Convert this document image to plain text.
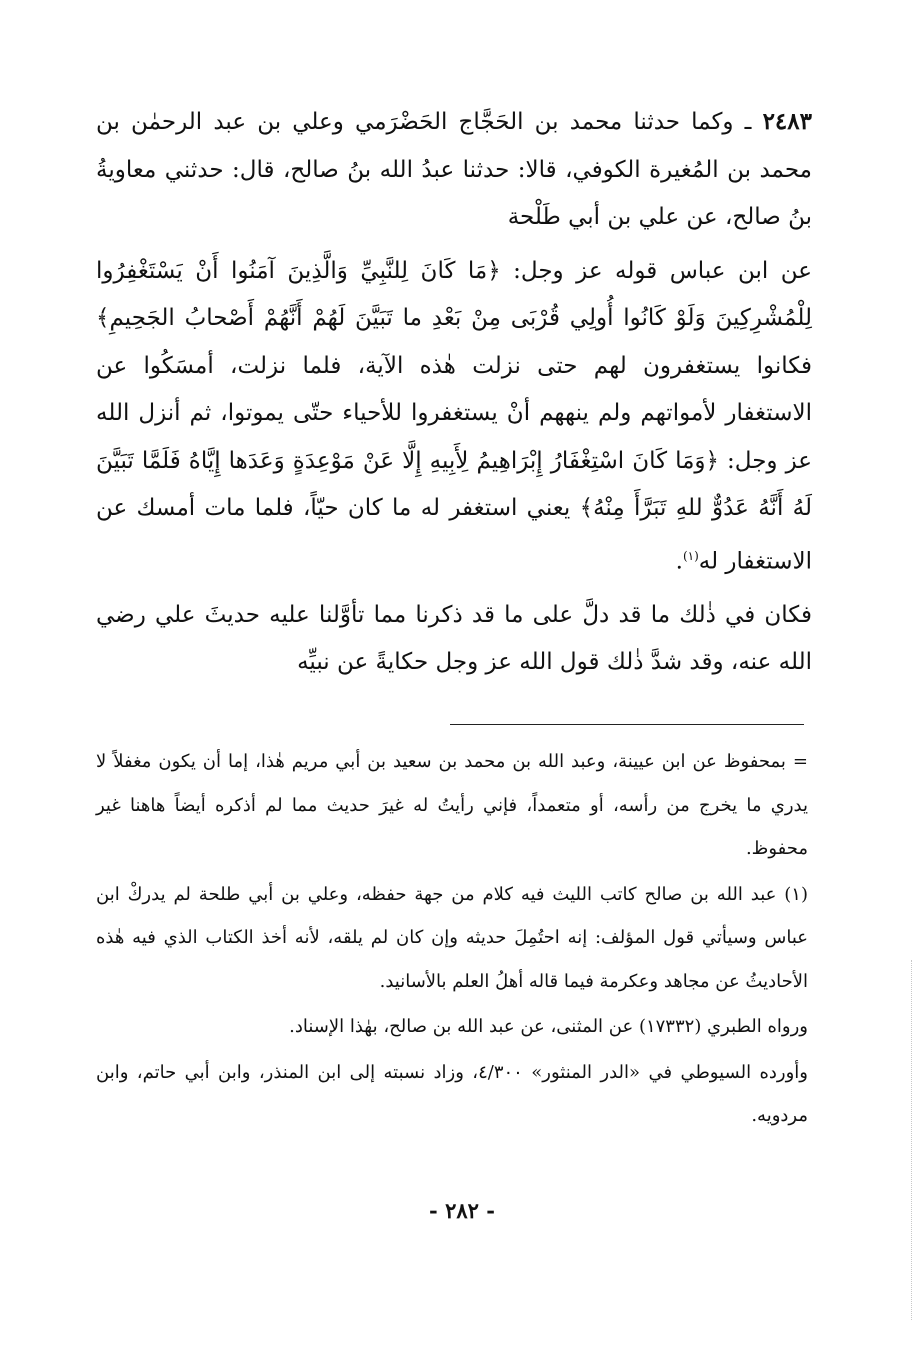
٢٤٨٣ ـ وكما حدثنا محمد بن الحَجَّاج الحَضْرَمي وعلي بن عبد الرحمٰن بن محمد بن المُغيرة الكوفي، قالا: حدثنا عبدُ الله بنُ صالح، قال: حدثني معاويةُ بنُ صالح، عن علي بن أبي طَلْحة

عن ابن عباس قوله عز وجل: ﴿مَا كَانَ لِلنَّبِيِّ وَالَّذِينَ آمَنُوا أَنْ يَسْتَغْفِرُوا لِلْمُشْرِكِينَ وَلَوْ كَانُوا أُولِي قُرْبَى مِنْ بَعْدِ ما تَبَيَّنَ لَهُمْ أَنَّهُمْ أَصْحابُ الجَحِيمِ﴾ فكانوا يستغفرون لهم حتى نزلت هٰذه الآية، فلما نزلت، أمسَكُوا عن الاستغفار لأمواتهم ولم ينههم أنْ يستغفروا للأحياء حتّى يموتوا، ثم أنزل الله عز وجل: ﴿وَمَا كَانَ اسْتِغْفَارُ إِبْرَاهِيمُ لِأَبِيهِ إِلَّا عَنْ مَوْعِدَةٍ وَعَدَها إِيَّاهُ فَلَمَّا تَبَيَّنَ لَهُ أَنَّهُ عَدُوٌّ للهِ تَبَرَّأَ مِنْهُ﴾ يعني استغفر له ما كان حيّاً، فلما مات أمسك عن الاستغفار له$^{(١)}$.

فكان في ذٰلك ما قد دلَّ على ما قد ذكرنا مما تأوَّلنا عليه حديثَ علي رضي الله عنه، وقد شدَّ ذٰلك قول الله عز وجل حكايةً عن نبيِّه

= بمحفوظ عن ابن عيينة، وعبد الله بن محمد بن سعيد بن أبي مريم هٰذا، إما أن يكون مغفلاً لا يدري ما يخرج من رأسه، أو متعمداً، فإني رأيتُ له غيرَ حديث مما لم أذكره أيضاً هاهنا غير محفوظ.

(١) عبد الله بن صالح كاتب الليث فيه كلام من جهة حفظه، وعلي بن أبي طلحة لم يدركْ ابن عباس وسيأتي قول المؤلف: إنه احتُمِلَ حديثه وإن كان لم يلقه، لأنه أخذ الكتاب الذي فيه هٰذه الأحاديثُ عن مجاهد وعكرمة فيما قاله أهلُ العلم بالأسانيد.

ورواه الطبري (١٧٣٣٢) عن المثنى، عن عبد الله بن صالح، بهٰذا الإسناد.

وأورده السيوطي في «الدر المنثور» ٤/٣٠٠، وزاد نسبته إلى ابن المنذر، وابن أبي حاتم، وابن مردويه.

- ٢٨٢ -
